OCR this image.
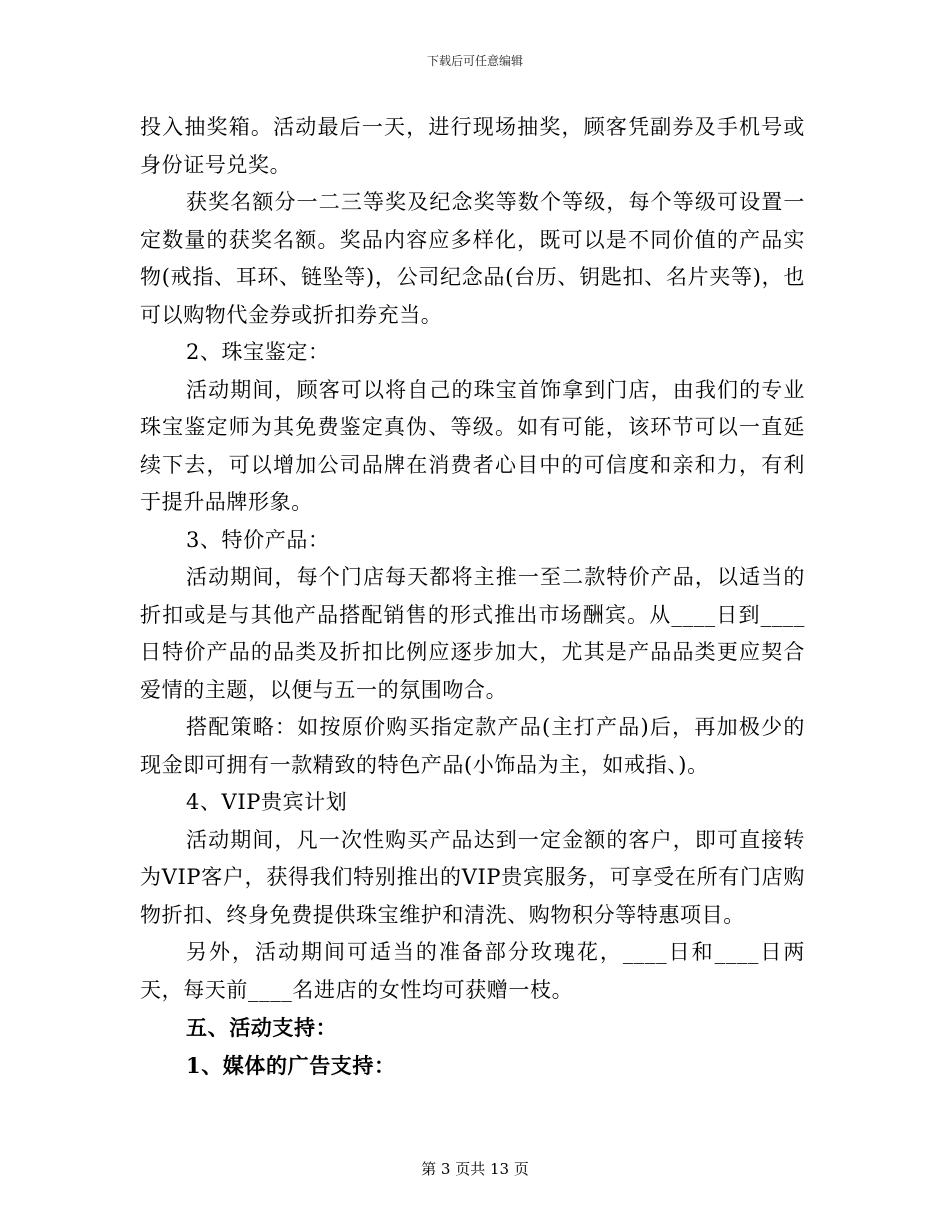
下载后可任意编辑

投入抽奖箱。活动最后一天，进行现场抽奖，顾客凭副券及手机号或身份证号兑奖。

获奖名额分一二三等奖及纪念奖等数个等级，每个等级可设置一定数量的获奖名额。奖品内容应多样化，既可以是不同价值的产品实物(戒指、耳环、链坠等)，公司纪念品(台历、钥匙扣、名片夹等)，也可以购物代金券或折扣券充当。

2、珠宝鉴定：

活动期间，顾客可以将自己的珠宝首饰拿到门店，由我们的专业珠宝鉴定师为其免费鉴定真伪、等级。如有可能，该环节可以一直延续下去，可以增加公司品牌在消费者心目中的可信度和亲和力，有利于提升品牌形象。

3、特价产品：

活动期间，每个门店每天都将主推一至二款特价产品，以适当的折扣或是与其他产品搭配销售的形式推出市场酬宾。从____日到____日特价产品的品类及折扣比例应逐步加大，尤其是产品品类更应契合爱情的主题，以便与五一的氛围吻合。

搭配策略：如按原价购买指定款产品(主打产品)后，再加极少的现金即可拥有一款精致的特色产品(小饰品为主，如戒指、)。

4、VIP贵宾计划

活动期间，凡一次性购买产品达到一定金额的客户，即可直接转为VIP客户，获得我们特别推出的VIP贵宾服务，可享受在所有门店购物折扣、终身免费提供珠宝维护和清洗、购物积分等特惠项目。

另外，活动期间可适当的准备部分玫瑰花，____日和____日两天，每天前____名进店的女性均可获赠一枝。

五、活动支持：

1、媒体的广告支持：

第 3 页共 13 页
